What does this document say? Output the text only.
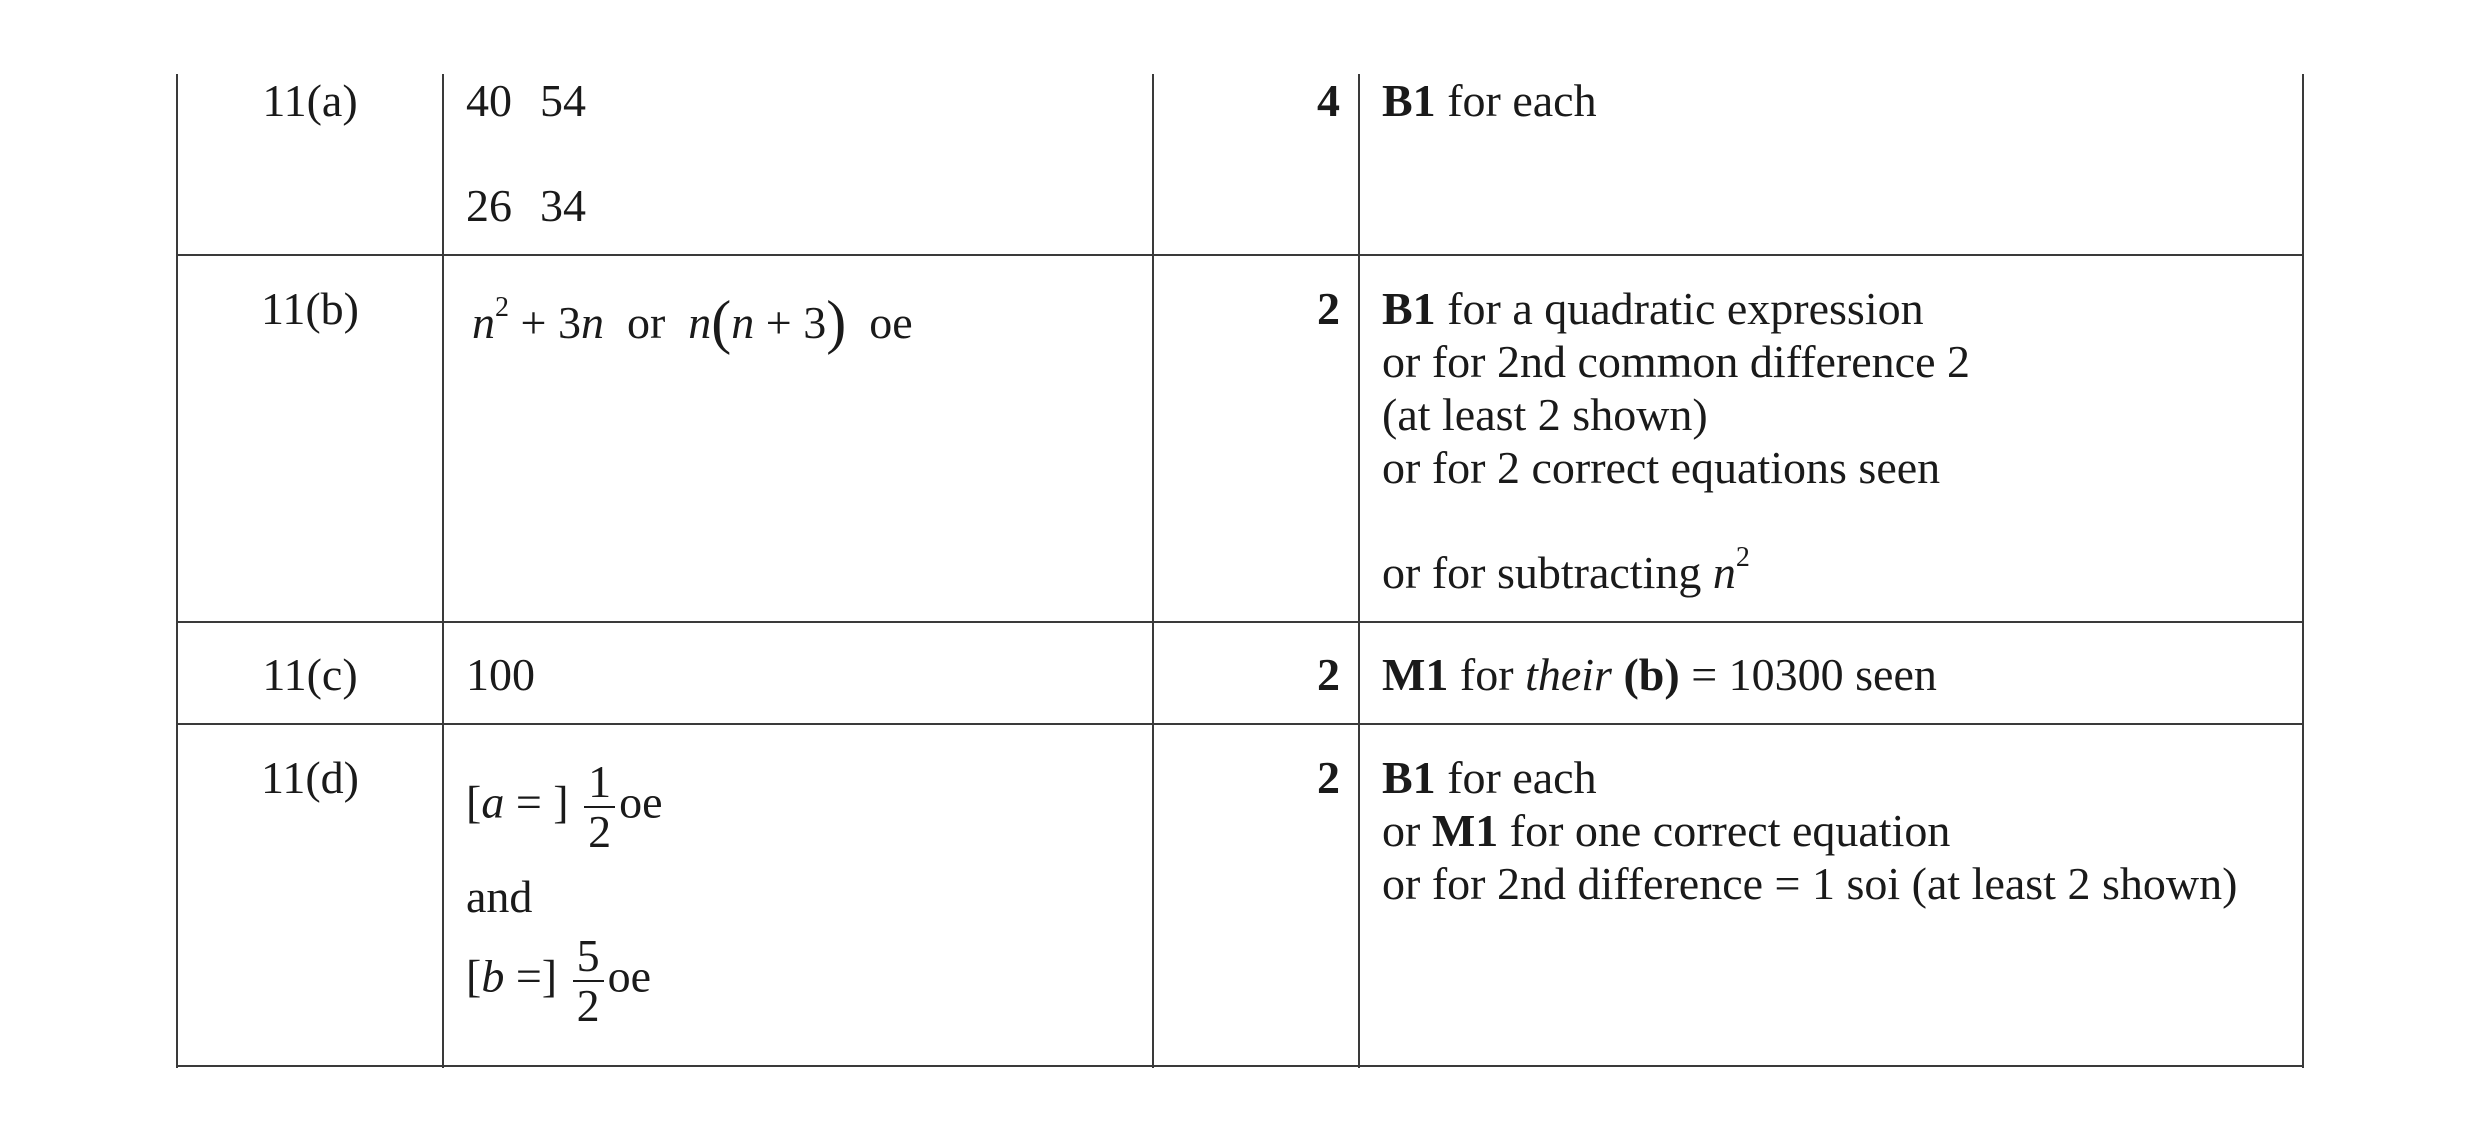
11(a)	40 54
26 34
4 B1 for each
11(b)	$n^2 + 3n$ or n(n + 3) oe	2 B1 for a quadratic expression
or for 2nd common difference 2
(at least 2 shown)
or for 2 correct equations seen
or for subtracting $n^2$
11(c)	100	2 M1 for their (b) = 10300 seen
11(d)	[a = ] $\frac{1}{2}$ oe
and
[b =] $\frac{5}{2}$ oe
2 B1 for each
or M1 for one correct equation
or for 2nd difference = 1 soi (at least 2 shown)
